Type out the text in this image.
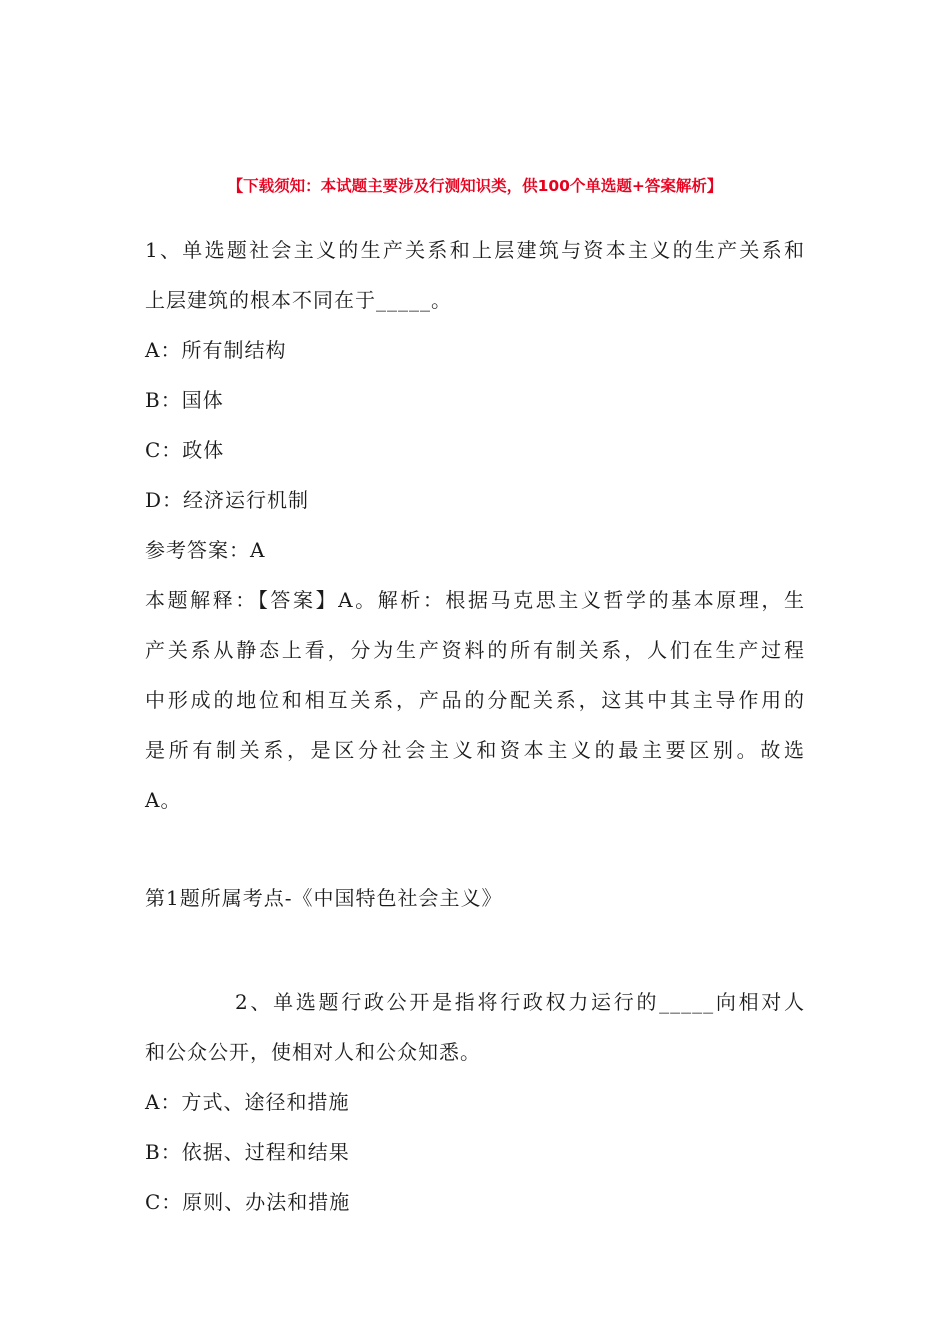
【下载须知：本试题主要涉及行测知识类，供100个单选题+答案解析】
1、单选题社会主义的生产关系和上层建筑与资本主义的生产关系和
上层建筑的根本不同在于_____。
A：所有制结构
B：国体
C：政体
D：经济运行机制
参考答案：A
本题解释：【答案】A。解析：根据马克思主义哲学的基本原理，生
产关系从静态上看，分为生产资料的所有制关系，人们在生产过程
中形成的地位和相互关系，产品的分配关系，这其中其主导作用的
是所有制关系，是区分社会主义和资本主义的最主要区别。故选
A。
第1题所属考点-《中国特色社会主义》
2、单选题行政公开是指将行政权力运行的_____向相对人
和公众公开，使相对人和公众知悉。
A：方式、途径和措施
B：依据、过程和结果
C：原则、办法和措施
